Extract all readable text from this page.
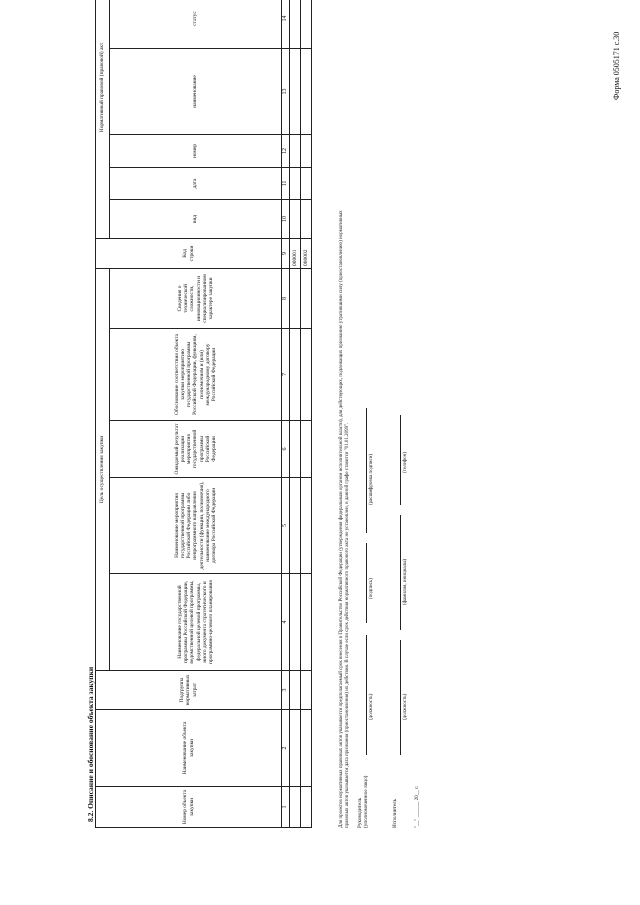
Форма 0505171 с.30
8.2. Описание и обоснование объекта закупки	Номер объекта закупки	Наименование объекта закупки	Подгруппа нормативных затрат	Цель осуществления закупки					Код строки	Нормативный правовой (правовой) акт					
			Наименование государственной программы Российской Федерации, ведомственной целевой программы, федеральной целевой программы, иного документа стратегического и программно-целевого планирования	Наименование мероприятия государственной программы Российской Федерации либо непрограммного направления деятельности (функции, полномочия), наименование международного договора Российской Федерации	Ожидаемый результат реализации мероприятия государственной программы Российской Федерации	Обоснование соответствия объекта закупки мероприятию государственной программы Российской Федерации, функциям, полномочиям и (или) международному договору Российской Федерации	Сведения о технической сложности, инновационности и специализированном характере закупки		вид	дата	номер	наименование	статус	
1	2	3	4	5	6	7	8	9	10	11	12	13	14	
								000001						
								000002							Для проектов нормативных правовых актов указывается предполагаемый срок внесения в Правительство Российской Федерации (утверждения федеральным органом исполнительной власти), для действующих, подлежащих признанию утратившими силу (приостановлению) нормативных правовых актов указывается дата признания (приостановления) их действия. В случае если срок действия нормативного правового акта не установлен, в данной графе ставится "01.01.2099". Руководитель (уполномоченное лицо)
(должность)
(подпись)
(расшифровка подписи)
Исполнитель
(должность)
(фамилия, инициалы)
(телефон)
"__" ______ 20__ г.
